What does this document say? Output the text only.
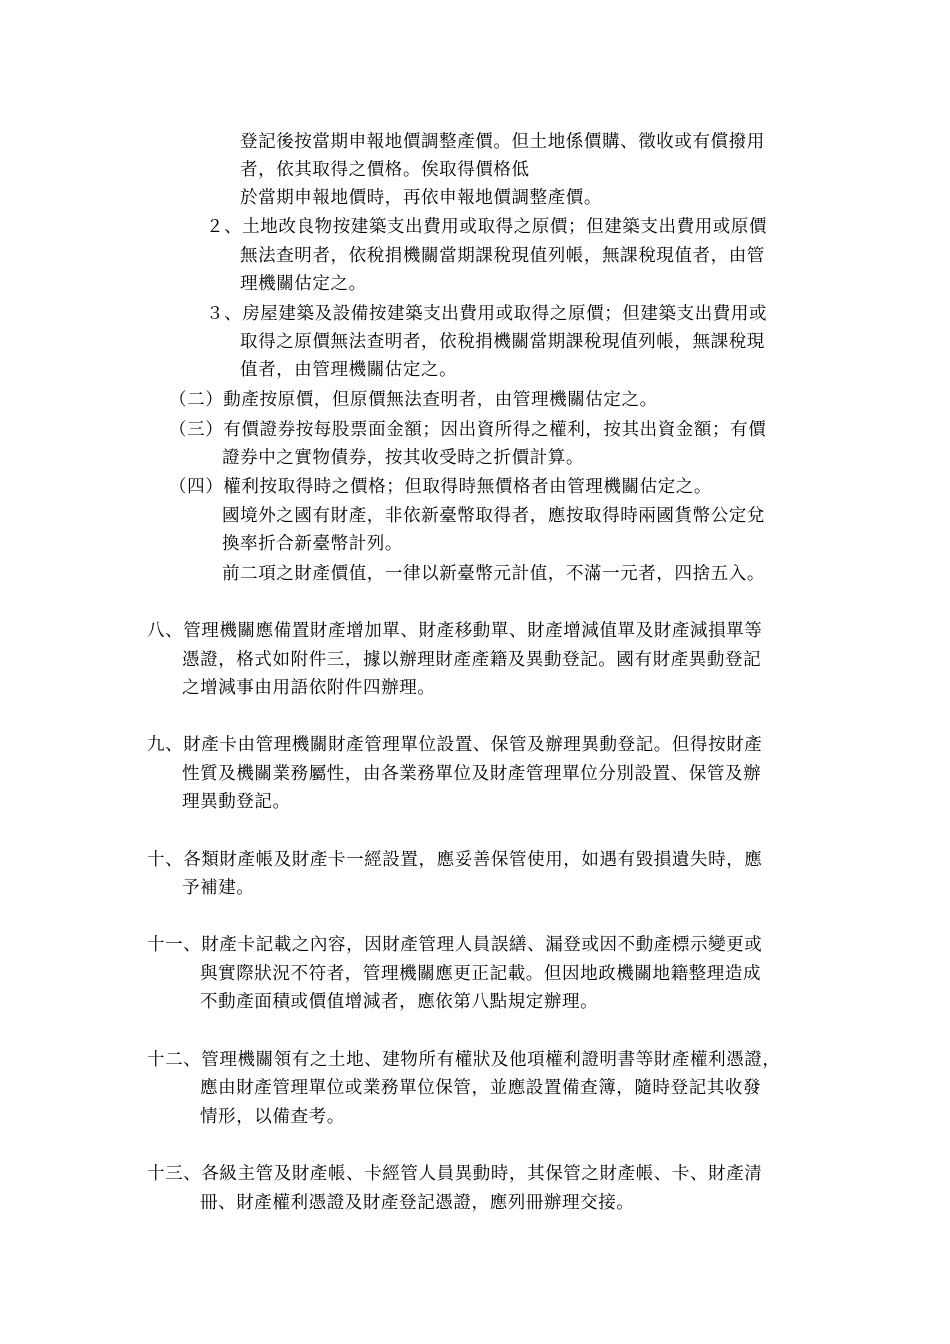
登記後按當期申報地價調整產價。但土地係價購、徵收或有償撥用
者，依其取得之價格。俟取得價格低
於當期申報地價時，再依申報地價調整產價。
２、土地改良物按建築支出費用或取得之原價；但建築支出費用或原價
無法查明者，依稅捐機關當期課稅現值列帳，無課稅現值者，由管
理機關估定之。
３、房屋建築及設備按建築支出費用或取得之原價；但建築支出費用或
取得之原價無法查明者，依稅捐機關當期課稅現值列帳，無課稅現
值者，由管理機關估定之。
（二）動產按原價，但原價無法查明者，由管理機關估定之。
（三）有價證券按每股票面金額；因出資所得之權利，按其出資金額；有價
證券中之實物債券，按其收受時之折價計算。
（四）權利按取得時之價格；但取得時無價格者由管理機關估定之。
國境外之國有財產，非依新臺幣取得者，應按取得時兩國貨幣公定兌
換率折合新臺幣計列。
前二項之財產價值，一律以新臺幣元計值，不滿一元者，四捨五入。
八、管理機關應備置財產增加單、財產移動單、財產增減值單及財產減損單等
憑證，格式如附件三，據以辦理財產產籍及異動登記。國有財產異動登記
之增減事由用語依附件四辦理。
九、財產卡由管理機關財產管理單位設置、保管及辦理異動登記。但得按財產
性質及機關業務屬性，由各業務單位及財產管理單位分別設置、保管及辦
理異動登記。
十、各類財產帳及財產卡一經設置，應妥善保管使用，如遇有毀損遺失時，應
予補建。
十一、財產卡記載之內容，因財產管理人員誤繕、漏登或因不動產標示變更或
與實際狀況不符者，管理機關應更正記載。但因地政機關地籍整理造成
不動產面積或價值增減者，應依第八點規定辦理。
十二、管理機關領有之土地、建物所有權狀及他項權利證明書等財產權利憑證，
應由財產管理單位或業務單位保管，並應設置備查簿，隨時登記其收發
情形，以備查考。
十三、各級主管及財產帳、卡經管人員異動時，其保管之財產帳、卡、財產清
冊、財產權利憑證及財產登記憑證，應列冊辦理交接。
